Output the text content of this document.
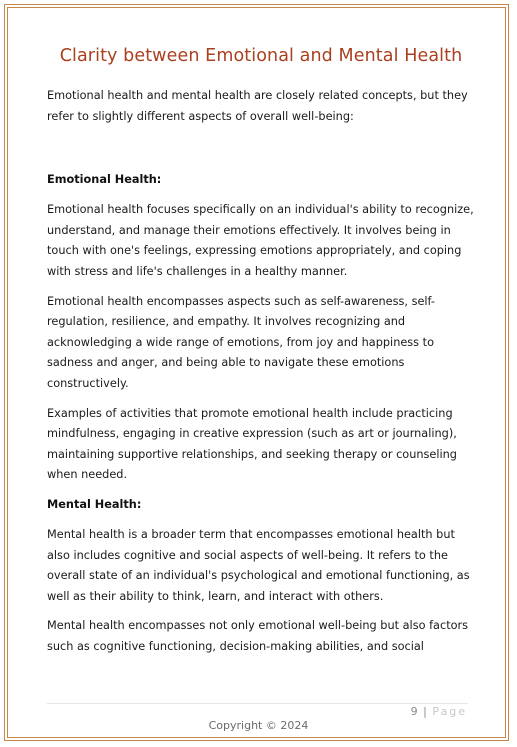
Clarity between Emotional and Mental Health

Emotional health and mental health are closely related concepts, but they refer to slightly different aspects of overall well-being:

Emotional Health:

Emotional health focuses specifically on an individual's ability to recognize, understand, and manage their emotions effectively. It involves being in touch with one's feelings, expressing emotions appropriately, and coping with stress and life's challenges in a healthy manner.

Emotional health encompasses aspects such as self-awareness, self-regulation, resilience, and empathy. It involves recognizing and acknowledging a wide range of emotions, from joy and happiness to sadness and anger, and being able to navigate these emotions constructively.

Examples of activities that promote emotional health include practicing mindfulness, engaging in creative expression (such as art or journaling), maintaining supportive relationships, and seeking therapy or counseling when needed.

Mental Health:

Mental health is a broader term that encompasses emotional health but also includes cognitive and social aspects of well-being. It refers to the overall state of an individual's psychological and emotional functioning, as well as their ability to think, learn, and interact with others.

Mental health encompasses not only emotional well-being but also factors such as cognitive functioning, decision-making abilities, and social

9 | Page
Copyright © 2024
